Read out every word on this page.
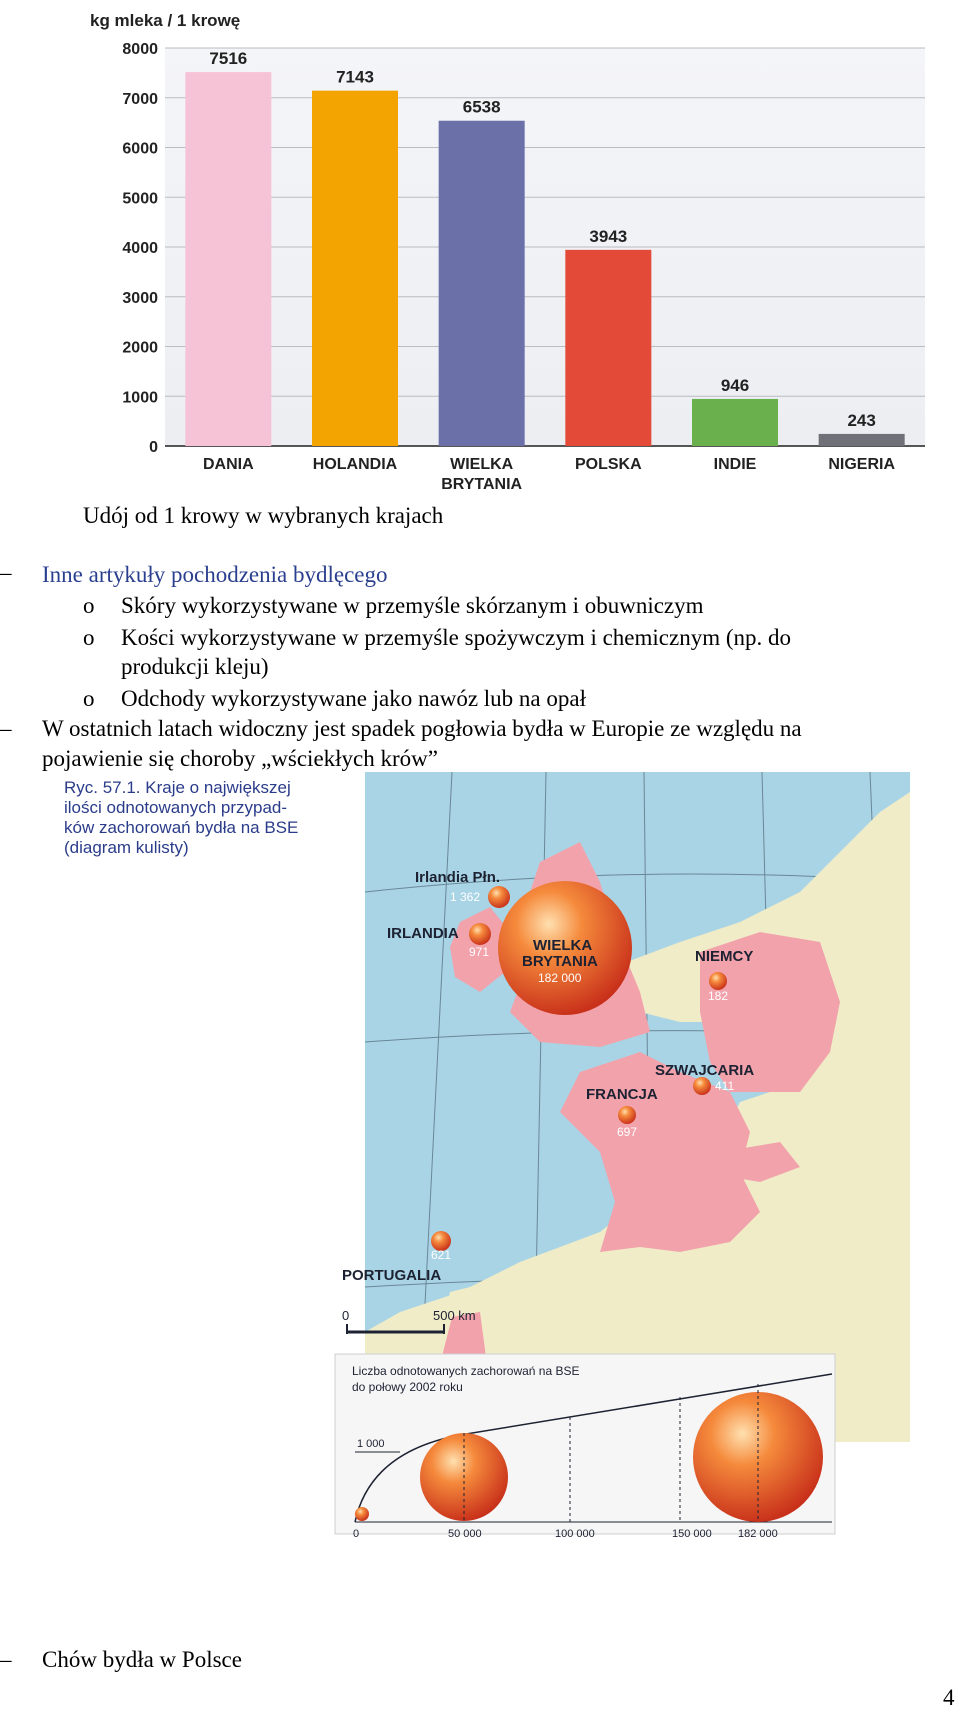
0
1000
2000
3000
4000
5000
6000
7000
8000	7516
7143
6538
3943
946
243
DANIA	HOLANDIA	WIELKA
BRYTANIA
POLSKA	INDIE	NIGERIA
kg mleka / 1 krowę
Udój od 1 krowy w wybranych krajach
– Inne artykuły pochodzenia bydlęcego
o Skóry wykorzystywane w przemyśle skórzanym i obuwniczym
o Kości wykorzystywane w przemyśle spożywczym i chemicznym (np. do
produkcji kleju)
o Odchody wykorzystywane jako nawóz lub na opał
– W ostatnich latach widoczny jest spadek pogłowia bydła w Europie ze względu na
pojawienie się choroby „wściekłych krów”
Ryc. 57.1. Kraje o największej
ilości odnotowanych przypad-
ków zachorowań bydła na BSE
(diagram kulisty)
Irlandia Płn.
IRLANDIA
WIELKA
BRYTANIA	NIEMCY
SZWAJCARIA
FRANCJA
PORTUGALIA
1 362
971
182 000
182
411
697
621
0	500 km
Liczba odnotowanych zachorowań na BSE
do połowy 2002 roku
1 000
0	50 000	100 000	150 000 182 000
– Chów bydła w Polsce
4
